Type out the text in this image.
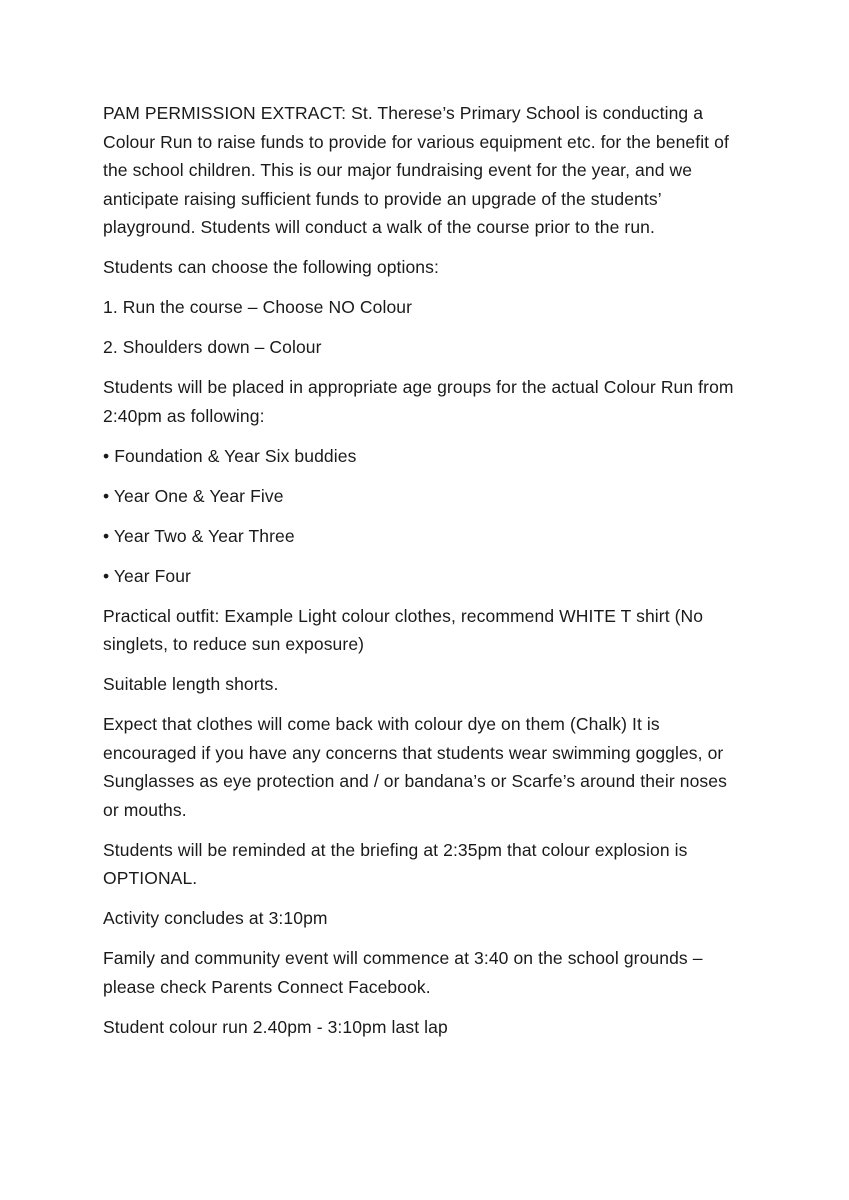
PAM PERMISSION EXTRACT: St. Therese’s Primary School is conducting a Colour Run to raise funds to provide for various equipment etc. for the benefit of the school children. This is our major fundraising event for the year, and we anticipate raising sufficient funds to provide an upgrade of the students’ playground. Students will conduct a walk of the course prior to the run.

Students can choose the following options:

1. Run the course – Choose NO Colour

2. Shoulders down – Colour

Students will be placed in appropriate age groups for the actual Colour Run from 2:40pm as following:

• Foundation & Year Six buddies

• Year One & Year Five

• Year Two & Year Three

• Year Four

Practical outfit: Example Light colour clothes, recommend WHITE T shirt (No singlets, to reduce sun exposure)

Suitable length shorts.

Expect that clothes will come back with colour dye on them (Chalk) It is encouraged if you have any concerns that students wear swimming goggles, or Sunglasses as eye protection and / or bandana’s or Scarfe’s around their noses or mouths.

Students will be reminded at the briefing at 2:35pm that colour explosion is OPTIONAL.

Activity concludes at 3:10pm

Family and community event will commence at 3:40 on the school grounds – please check Parents Connect Facebook.

Student colour run 2.40pm - 3:10pm last lap
